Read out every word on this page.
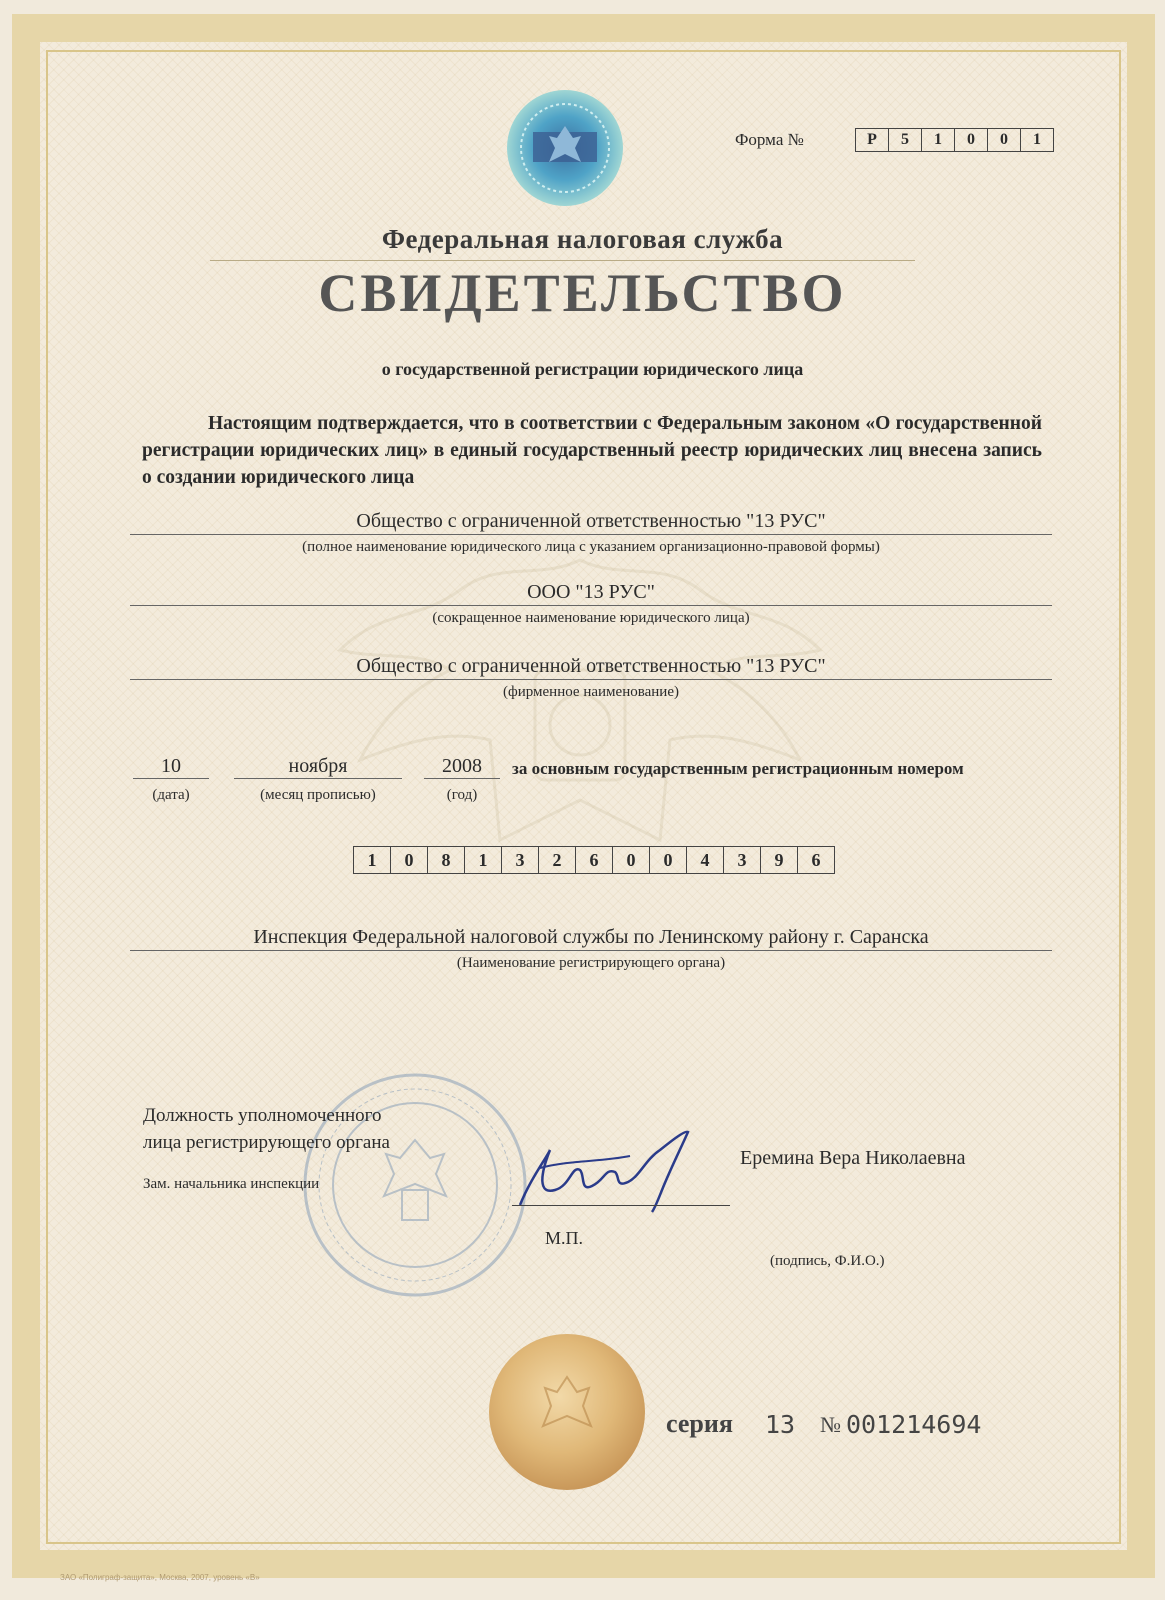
Форма №	Р	5	1	0	0	1
Федеральная налоговая служба
СВИДЕТЕЛЬСТВО
о государственной регистрации юридического лица
Настоящим подтверждается, что в соответствии с Федеральным законом «О государственной регистрации юридических лиц» в единый государственный реестр юридических лиц внесена запись о создании юридического лица
Общество с ограниченной ответственностью "13 РУС"
(полное наименование юридического лица с указанием организационно-правовой формы)
ООО "13 РУС"
(сокращенное наименование юридического лица)
Общество с ограниченной ответственностью "13 РУС"
(фирменное наименование)
10
(дата)
ноября
(месяц прописью)
2008
(год)
за основным государственным регистрационным номером
1	0	8	1	3	2	6	0	0	4	3	9	6
Инспекция Федеральной налоговой службы по Ленинскому району г. Саранска
(Наименование регистрирующего органа)
Должность уполномоченного
лица регистрирующего органа
Зам. начальника инспекции
Еремина Вера Николаевна
М.П.
(подпись, Ф.И.О.)
серия 13 № 001214694
ЗАО «Полиграф-защита», Москва, 2007, уровень «В»
